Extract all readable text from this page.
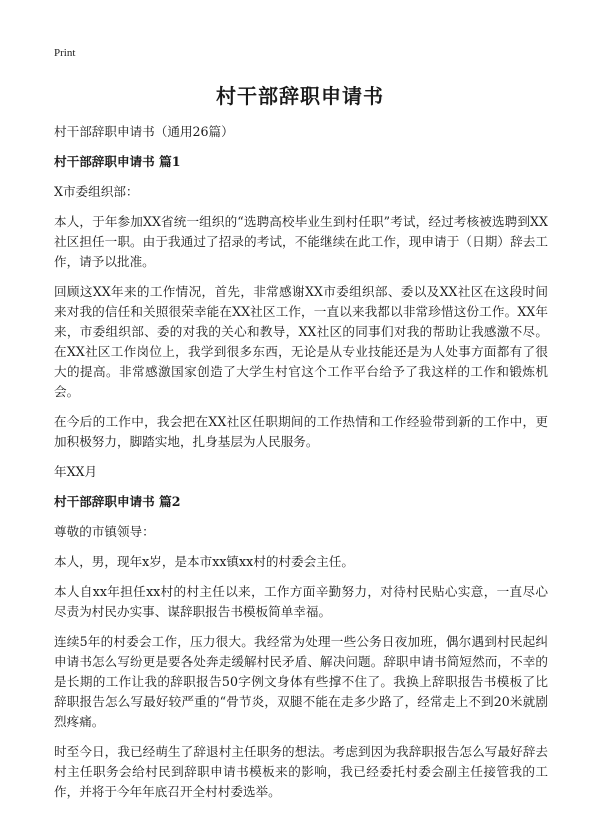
Print
村干部辞职申请书

村干部辞职申请书（通用26篇）

村干部辞职申请书 篇1

X市委组织部：

本人，于年参加XX省统一组织的“选聘高校毕业生到村任职”考试，经过考核被选聘到XX社区担任一职。由于我通过了招录的考试，不能继续在此工作，现申请于（日期）辞去工作，请予以批准。

回顾这XX年来的工作情况，首先，非常感谢XX市委组织部、委以及XX社区在这段时间来对我的信任和关照很荣幸能在XX社区工作，一直以来我都以非常珍惜这份工作。XX年来，市委组织部、委的对我的关心和教导，XX社区的同事们对我的帮助让我感激不尽。在XX社区工作岗位上，我学到很多东西，无论是从专业技能还是为人处事方面都有了很大的提高。非常感激国家创造了大学生村官这个工作平台给予了我这样的工作和锻炼机会。

在今后的工作中，我会把在XX社区任职期间的工作热情和工作经验带到新的工作中，更加积极努力，脚踏实地，扎身基层为人民服务。

年XX月

村干部辞职申请书 篇2

尊敬的市镇领导：

本人，男，现年x岁，是本市xx镇xx村的村委会主任。

本人自xx年担任xx村的村主任以来，工作方面辛勤努力，对待村民贴心实意，一直尽心尽责为村民办实事、谋辞职报告书模板简单幸福。

连续5年的村委会工作，压力很大。我经常为处理一些公务日夜加班，偶尔遇到村民起纠申请书怎么写纷更是要各处奔走缓解村民矛盾、解决问题。辞职申请书简短然而，不幸的是长期的工作让我的辞职报告50字例文身体有些撑不住了。我换上辞职报告书模板了比辞职报告怎么写最好较严重的“骨节炎，双腿不能在走多少路了，经常走上不到20米就剧烈疼痛。

时至今日，我已经萌生了辞退村主任职务的想法。考虑到因为我辞职报告怎么写最好辞去村主任职务会给村民到辞职申请书模板来的影响，我已经委托村委会副主任接管我的工作，并将于今年年底召开全村村委选举。
